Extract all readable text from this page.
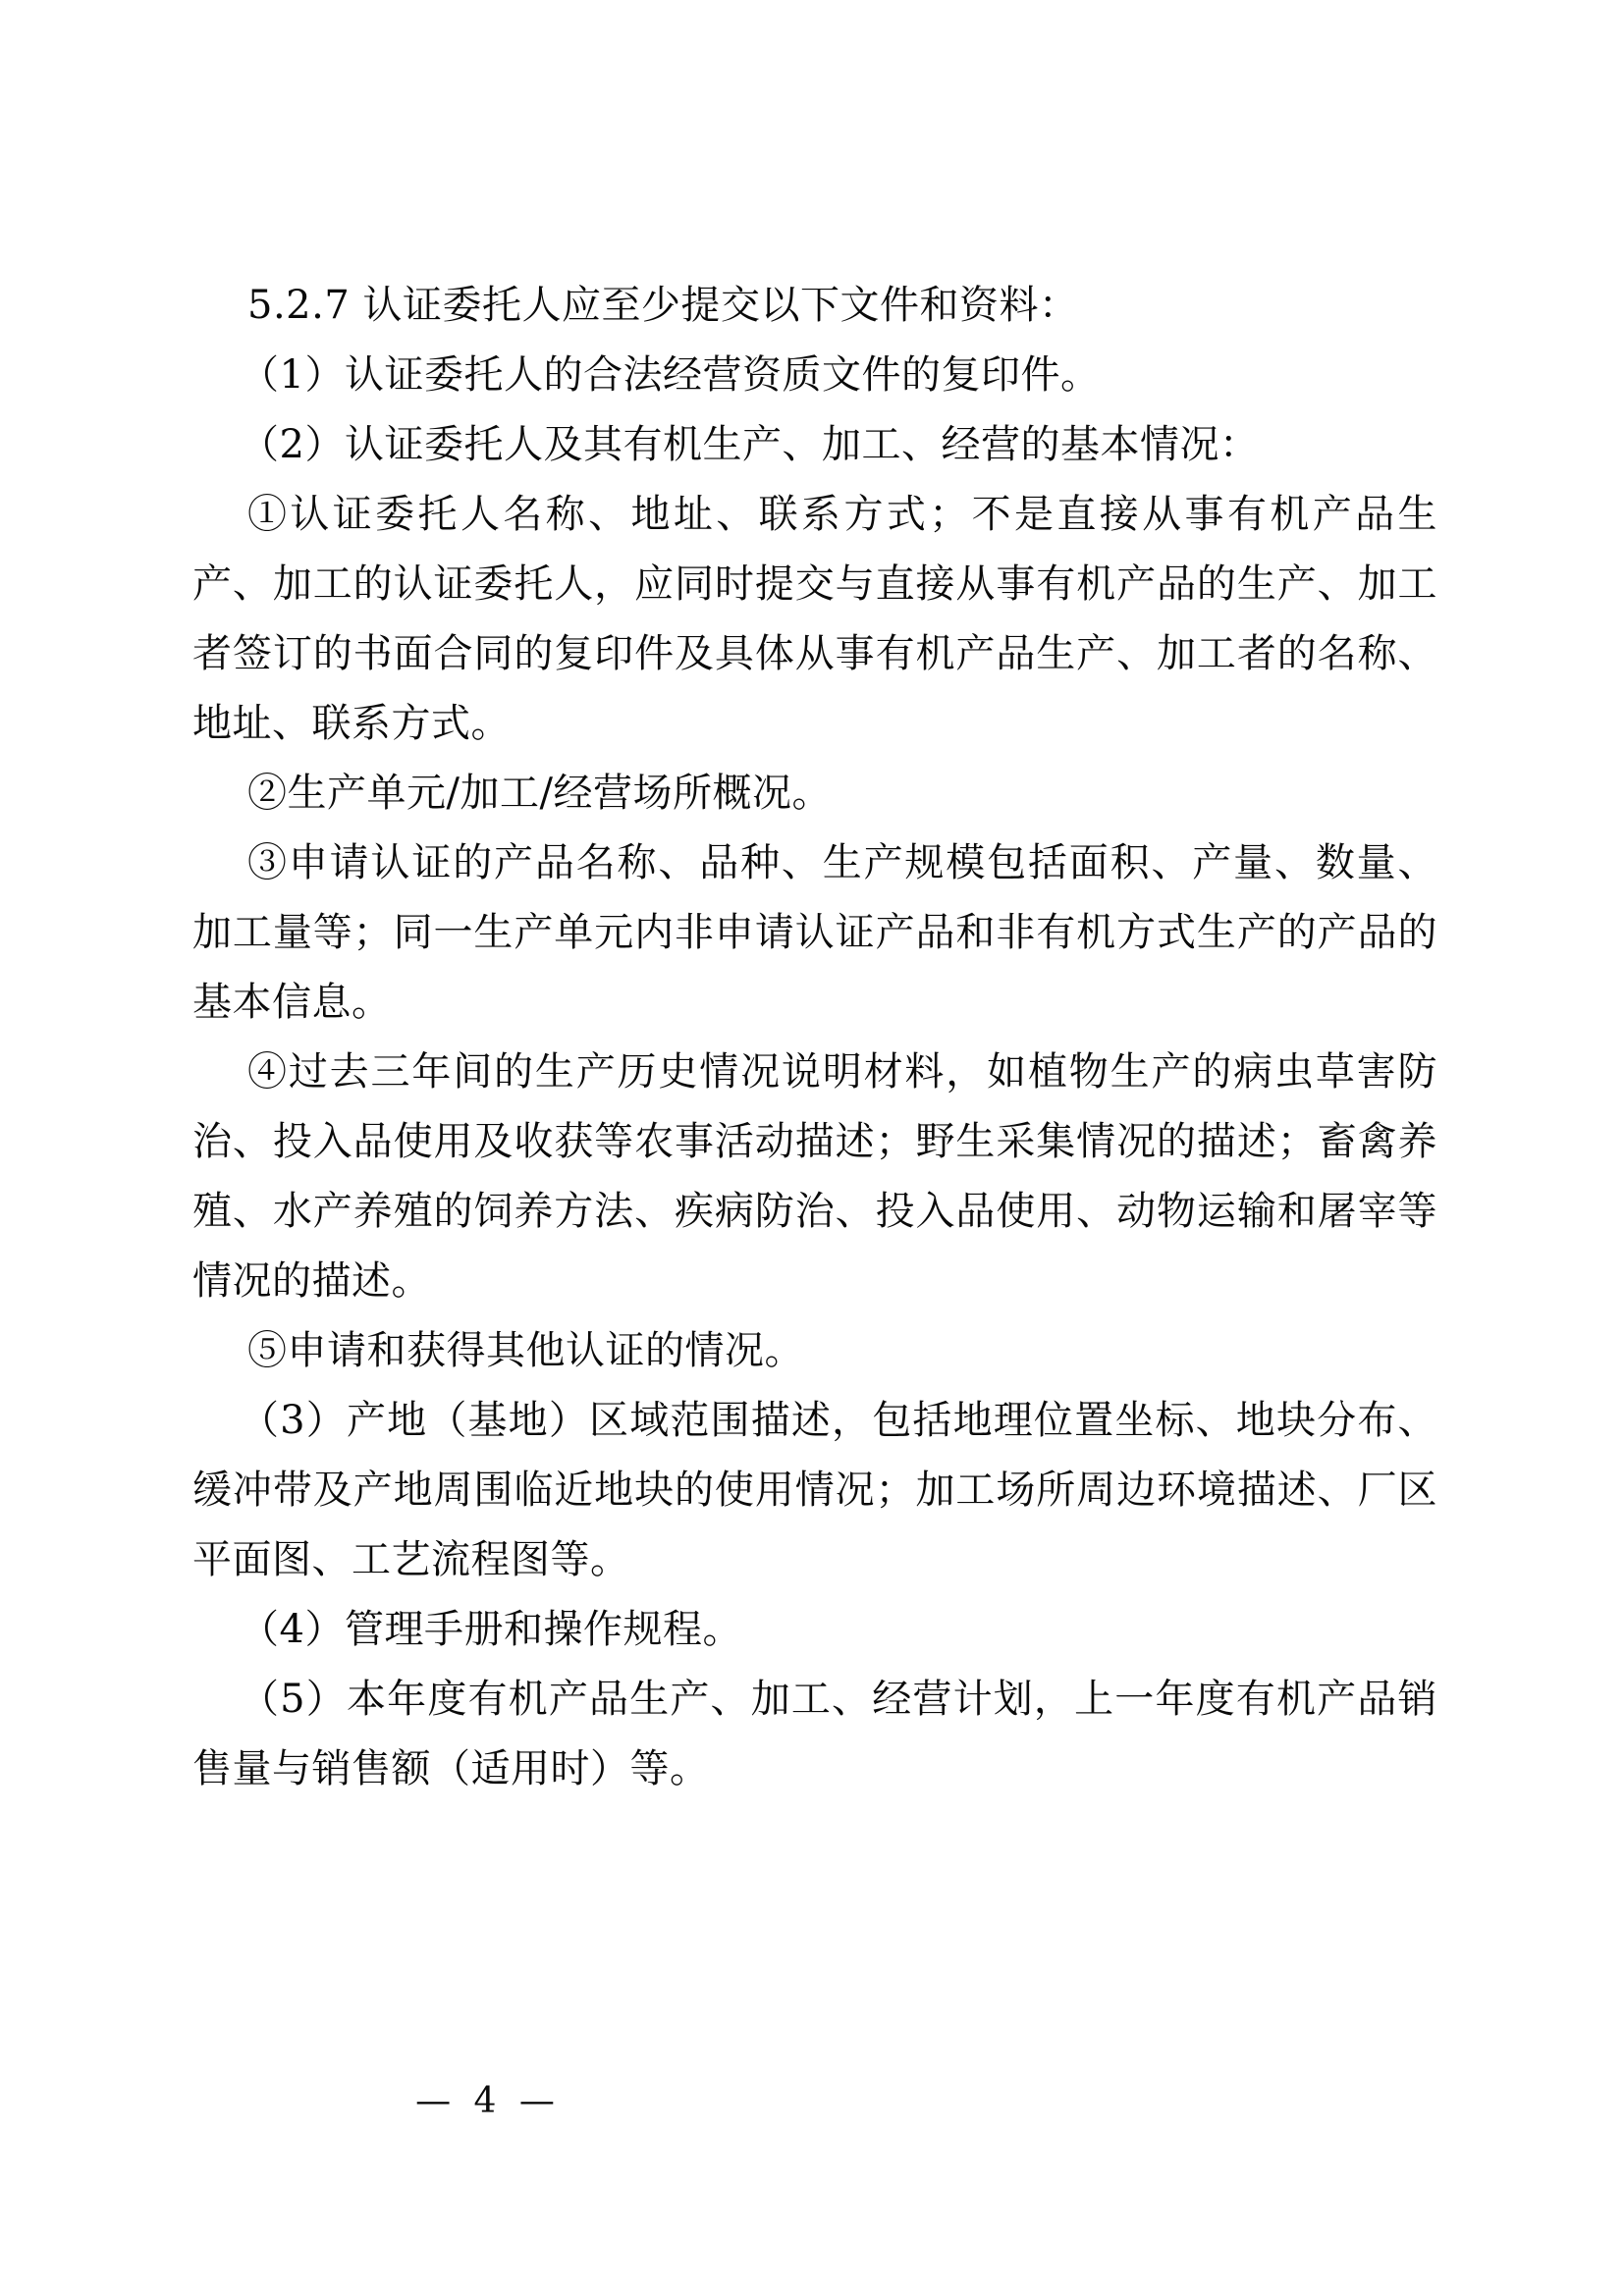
5.2.7 认证委托人应至少提交以下文件和资料：

（1）认证委托人的合法经营资质文件的复印件。

（2）认证委托人及其有机生产、加工、经营的基本情况：

①认证委托人名称、地址、联系方式；不是直接从事有机产品生产、加工的认证委托人，应同时提交与直接从事有机产品的生产、加工者签订的书面合同的复印件及具体从事有机产品生产、加工者的名称、地址、联系方式。

②生产单元/加工/经营场所概况。

③申请认证的产品名称、品种、生产规模包括面积、产量、数量、加工量等；同一生产单元内非申请认证产品和非有机方式生产的产品的基本信息。

④过去三年间的生产历史情况说明材料，如植物生产的病虫草害防治、投入品使用及收获等农事活动描述；野生采集情况的描述；畜禽养殖、水产养殖的饲养方法、疾病防治、投入品使用、动物运输和屠宰等情况的描述。

⑤申请和获得其他认证的情况。

（3）产地（基地）区域范围描述，包括地理位置坐标、地块分布、缓冲带及产地周围临近地块的使用情况；加工场所周边环境描述、厂区平面图、工艺流程图等。

（4）管理手册和操作规程。

（5）本年度有机产品生产、加工、经营计划，上一年度有机产品销售量与销售额（适用时）等。

— 4 —
